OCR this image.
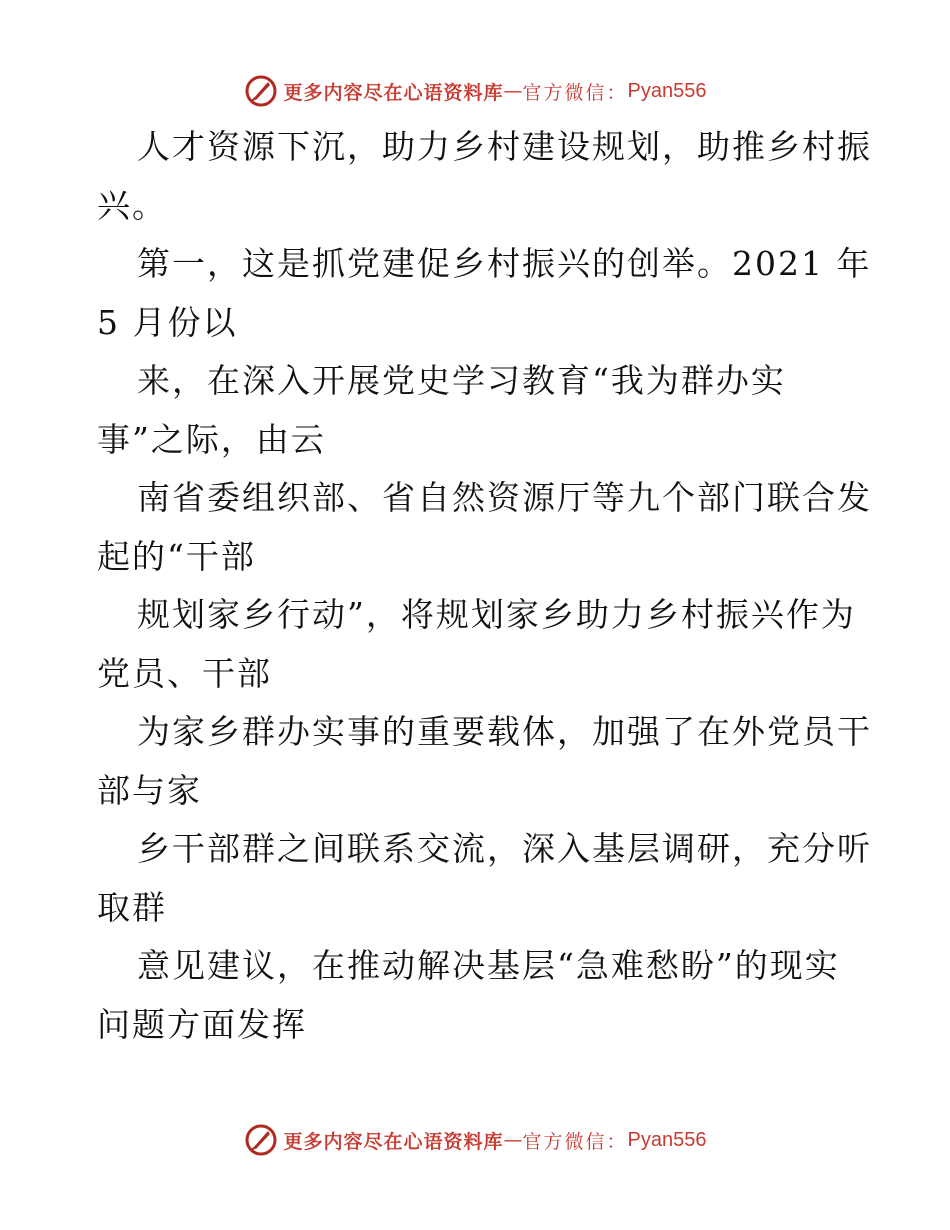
更多内容尽在心语资料库 — 官方微信： Pyan556
人才资源下沉，助力乡村建设规划，助推乡村振
兴。
第一，这是抓党建促乡村振兴的创举。2021 年
5 月份以
来，在深入开展党史学习教育“我为群办实
事”之际，由云
南省委组织部、省自然资源厅等九个部门联合发
起的“干部
规划家乡行动”，将规划家乡助力乡村振兴作为
党员、干部
为家乡群办实事的重要载体，加强了在外党员干
部与家
乡干部群之间联系交流，深入基层调研，充分听
取群
意见建议，在推动解决基层“急难愁盼”的现实
问题方面发挥
更多内容尽在心语资料库 — 官方微信： Pyan556
